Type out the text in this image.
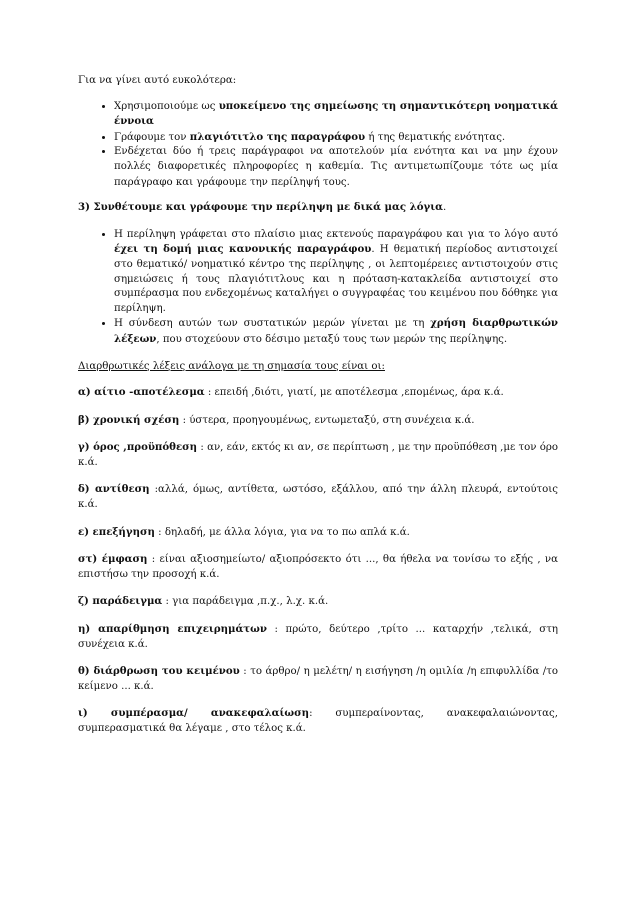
Για να γίνει αυτό ευκολότερα:

• Χρησιμοποιούμε ως υποκείμενο της σημείωσης τη σημαντικότερη νοηματικά έννοια
• Γράφουμε τον πλαγιότιτλο της παραγράφου ή της θεματικής ενότητας.
• Ενδέχεται δύο ή τρεις παράγραφοι να αποτελούν μία ενότητα και να μην έχουν πολλές διαφορετικές πληροφορίες η καθεμία. Τις αντιμετωπίζουμε τότε ως μία παράγραφο και γράφουμε την περίληψή τους.

3) Συνθέτουμε και γράφουμε την περίληψη με δικά μας λόγια.

• Η περίληψη γράφεται στο πλαίσιο μιας εκτενούς παραγράφου και για το λόγο αυτό έχει τη δομή μιας κανονικής παραγράφου. Η θεματική περίοδος αντιστοιχεί στο θεματικό/ νοηματικό κέντρο της περίληψης , οι λεπτομέρειες αντιστοιχούν στις σημειώσεις ή τους πλαγιότιτλους και η πρόταση-κατακλείδα αντιστοιχεί στο συμπέρασμα που ενδεχομένως καταλήγει ο συγγραφέας του κειμένου που δόθηκε για περίληψη.
• Η σύνδεση αυτών των συστατικών μερών γίνεται με τη χρήση διαρθρωτικών λέξεων, που στοχεύουν στο δέσιμο μεταξύ τους των μερών της περίληψης.

Διαρθρωτικές λέξεις ανάλογα με τη σημασία τους είναι οι:

α) αίτιο -αποτέλεσμα : επειδή ,διότι, γιατί, με αποτέλεσμα ,επομένως, άρα κ.ά.

β) χρονική σχέση : ύστερα, προηγουμένως, εντωμεταξύ, στη συνέχεια κ.ά.

γ) όρος ,προϋπόθεση : αν, εάν, εκτός κι αν, σε περίπτωση , με την προϋπόθεση ,με τον όρο κ.ά.

δ) αντίθεση :αλλά, όμως, αντίθετα, ωστόσο, εξάλλου, από την άλλη πλευρά, εντούτοις κ.ά.

ε) επεξήγηση : δηλαδή, με άλλα λόγια, για να το πω απλά κ.ά.

στ) έμφαση : είναι αξιοσημείωτο/ αξιοπρόσεκτο ότι ..., θα ήθελα να τονίσω το εξής , να επιστήσω την προσοχή κ.ά.

ζ) παράδειγμα : για παράδειγμα ,π.χ., λ.χ. κ.ά.

η) απαρίθμηση επιχειρημάτων : πρώτο, δεύτερο ,τρίτο ... καταρχήν ,τελικά, στη συνέχεια κ.ά.

θ) διάρθρωση του κειμένου : το άρθρο/ η μελέτη/ η εισήγηση /η ομιλία /η επιφυλλίδα /το κείμενο ... κ.ά.

ι) συμπέρασμα/ ανακεφαλαίωση: συμπεραίνοντας, ανακεφαλαιώνοντας, συμπερασματικά θα λέγαμε , στο τέλος κ.ά.
